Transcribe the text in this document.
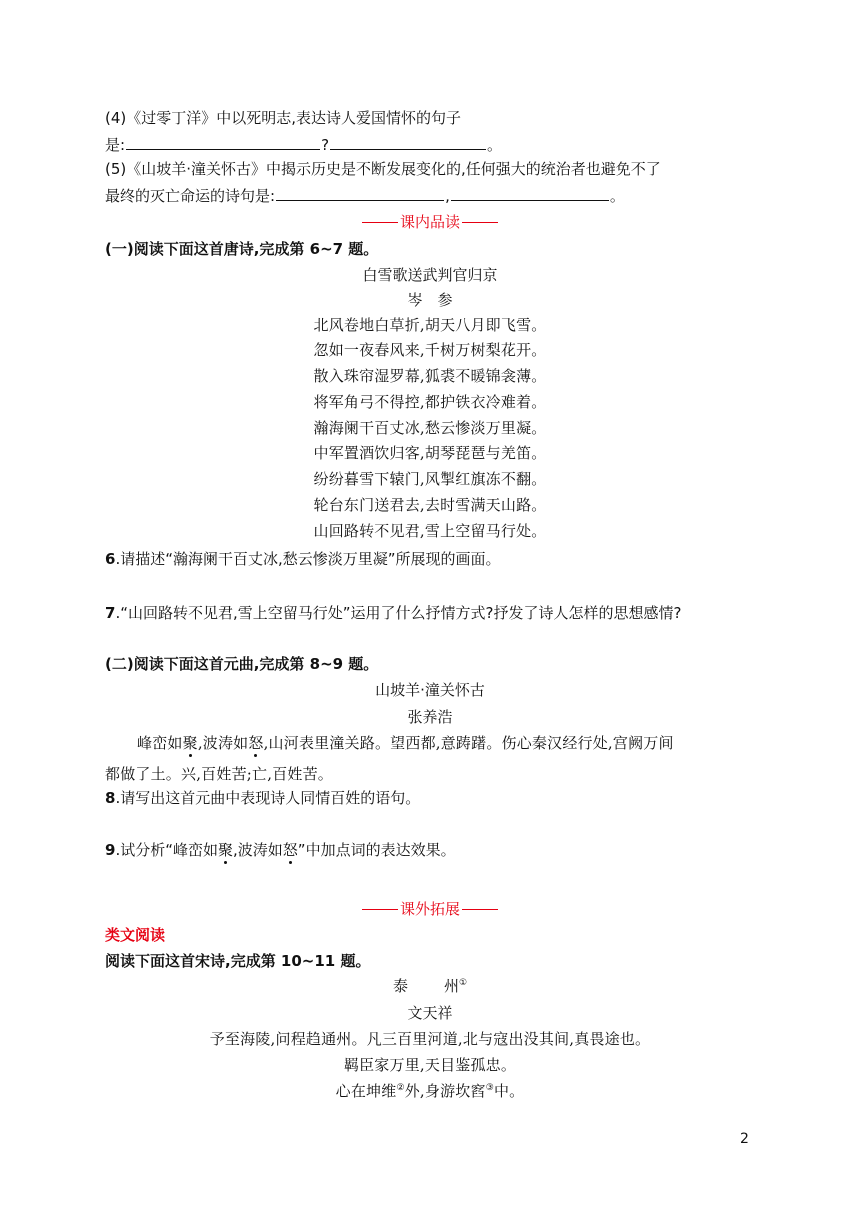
(4)《过零丁洋》中以死明志,表达诗人爱国情怀的句子
是:	?	。
(5)《山坡羊·潼关怀古》中揭示历史是不断发展变化的,任何强大的统治者也避免不了
最终的灭亡命运的诗句是:	,	。
课内品读
(一)阅读下面这首唐诗,完成第 6~7 题。
白雪歌送武判官归京
岑　参
北风卷地白草折,胡天八月即飞雪。
忽如一夜春风来,千树万树梨花开。
散入珠帘湿罗幕,狐裘不暖锦衾薄。
将军角弓不得控,都护铁衣冷难着。
瀚海阑干百丈冰,愁云惨淡万里凝。
中军置酒饮归客,胡琴琵琶与羌笛。
纷纷暮雪下辕门,风掣红旗冻不翻。
轮台东门送君去,去时雪满天山路。
山回路转不见君,雪上空留马行处。
6.请描述“瀚海阑干百丈冰,愁云惨淡万里凝”所展现的画面。
7.“山回路转不见君,雪上空留马行处”运用了什么抒情方式?抒发了诗人怎样的思想感情?
(二)阅读下面这首元曲,完成第 8~9 题。
山坡羊·潼关怀古
张养浩
峰峦如聚,波涛如怒,山河表里潼关路。望西都,意踌躇。伤心秦汉经行处,宫阙万间
都做了土。兴,百姓苦;亡,百姓苦。
8.请写出这首元曲中表现诗人同情百姓的语句。
9.试分析“峰峦如聚,波涛如怒”中加点词的表达效果。
课外拓展
类文阅读
阅读下面这首宋诗,完成第 10~11 题。
泰 州①
文天祥
予至海陵,问程趋通州。凡三百里河道,北与寇出没其间,真畏途也。
羁臣家万里,天目鉴孤忠。
心在坤维②外,身游坎窞③中。
2
